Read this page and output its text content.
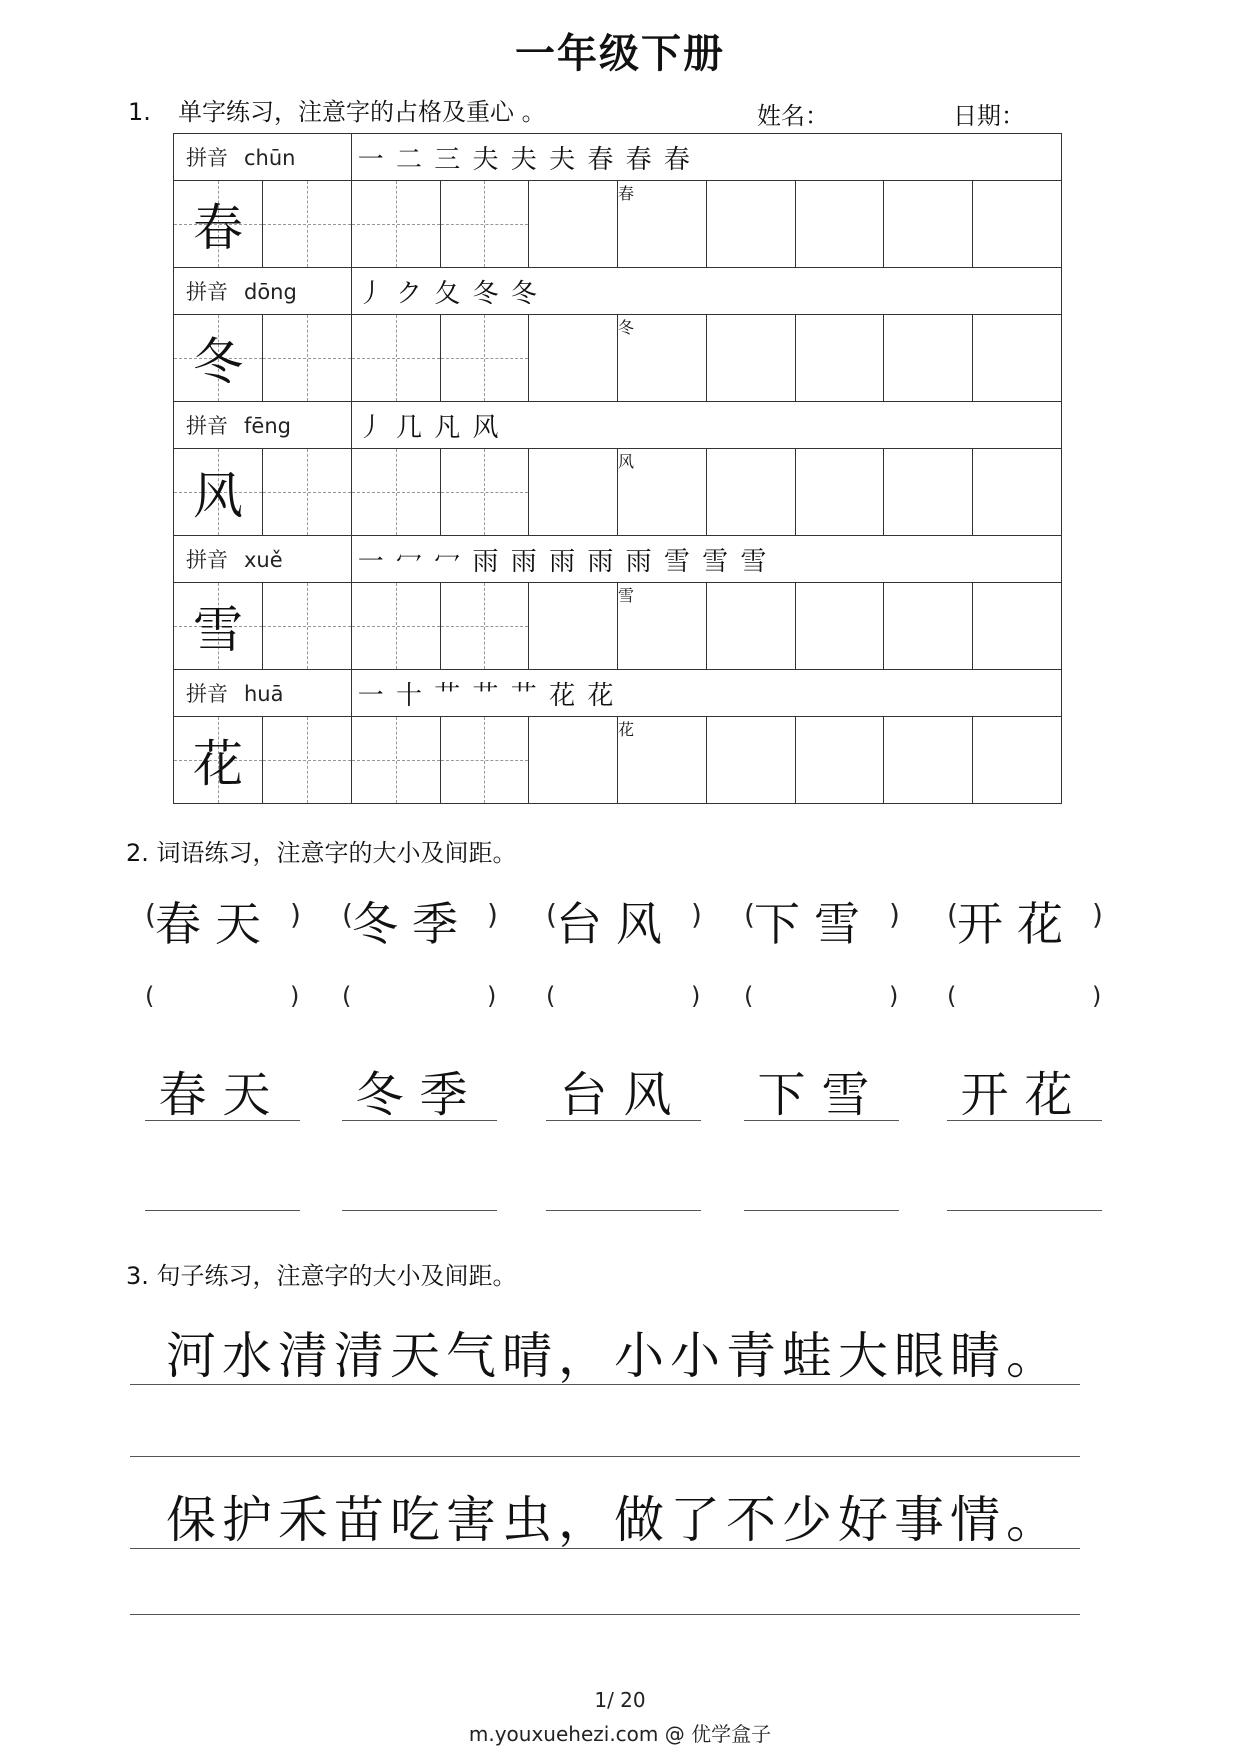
一年级下册
1. 单字练习，注意字的占格及重心 。	姓名：	日期：
拼音 chūn		一 二 三 夫 夫 夫 春 春 春							

春					春				

拼音 dōng		丿 ク 夂 冬 冬							

冬					冬				

拼音 fēng		丿 几 凡 风							

风					风				

拼音 xuě		一 冖 冖 雨 雨 雨 雨 雨 雪 雪 雪							

雪					雪				

拼音 huā		一 十 艹 艹 艹 花 花							

花					花				

2. 词语练习，注意字的大小及间距。
春天
(
(
)
)
春天
冬季
(
(
)
)
冬季
台风
(
(
)
)
台风
下雪
(
(
)
)
下雪
开花
(
(
)
)
开花
3. 句子练习，注意字的大小及间距。
河水清清天气晴，小小青蛙大眼睛。
保护禾苗吃害虫，做了不少好事情。
1/ 20
m.youxuehezi.com @ 优学盒子
